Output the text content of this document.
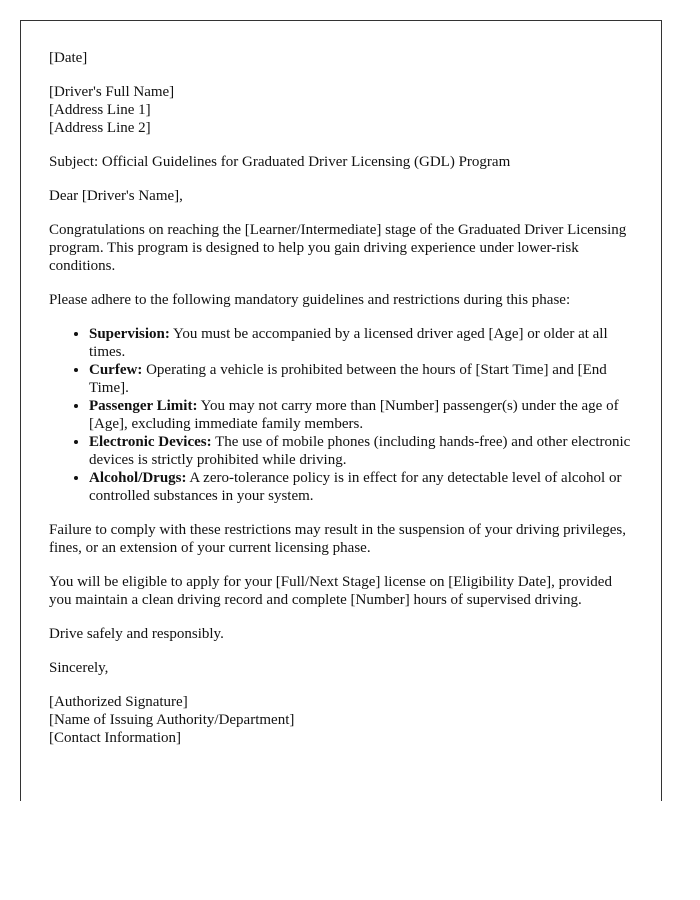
[Date]

[Driver's Full Name]
[Address Line 1]
[Address Line 2]

Subject: Official Guidelines for Graduated Driver Licensing (GDL) Program

Dear [Driver's Name],

Congratulations on reaching the [Learner/Intermediate] stage of the Graduated Driver Licensing program. This program is designed to help you gain driving experience under lower-risk conditions.

Please adhere to the following mandatory guidelines and restrictions during this phase:

• Supervision: You must be accompanied by a licensed driver aged [Age] or older at all times.
• Curfew: Operating a vehicle is prohibited between the hours of [Start Time] and [End Time].
• Passenger Limit: You may not carry more than [Number] passenger(s) under the age of [Age], excluding immediate family members.
• Electronic Devices: The use of mobile phones (including hands-free) and other electronic devices is strictly prohibited while driving.
• Alcohol/Drugs: A zero-tolerance policy is in effect for any detectable level of alcohol or controlled substances in your system.

Failure to comply with these restrictions may result in the suspension of your driving privileges, fines, or an extension of your current licensing phase.

You will be eligible to apply for your [Full/Next Stage] license on [Eligibility Date], provided you maintain a clean driving record and complete [Number] hours of supervised driving.

Drive safely and responsibly.

Sincerely,

[Authorized Signature]
[Name of Issuing Authority/Department]
[Contact Information]
